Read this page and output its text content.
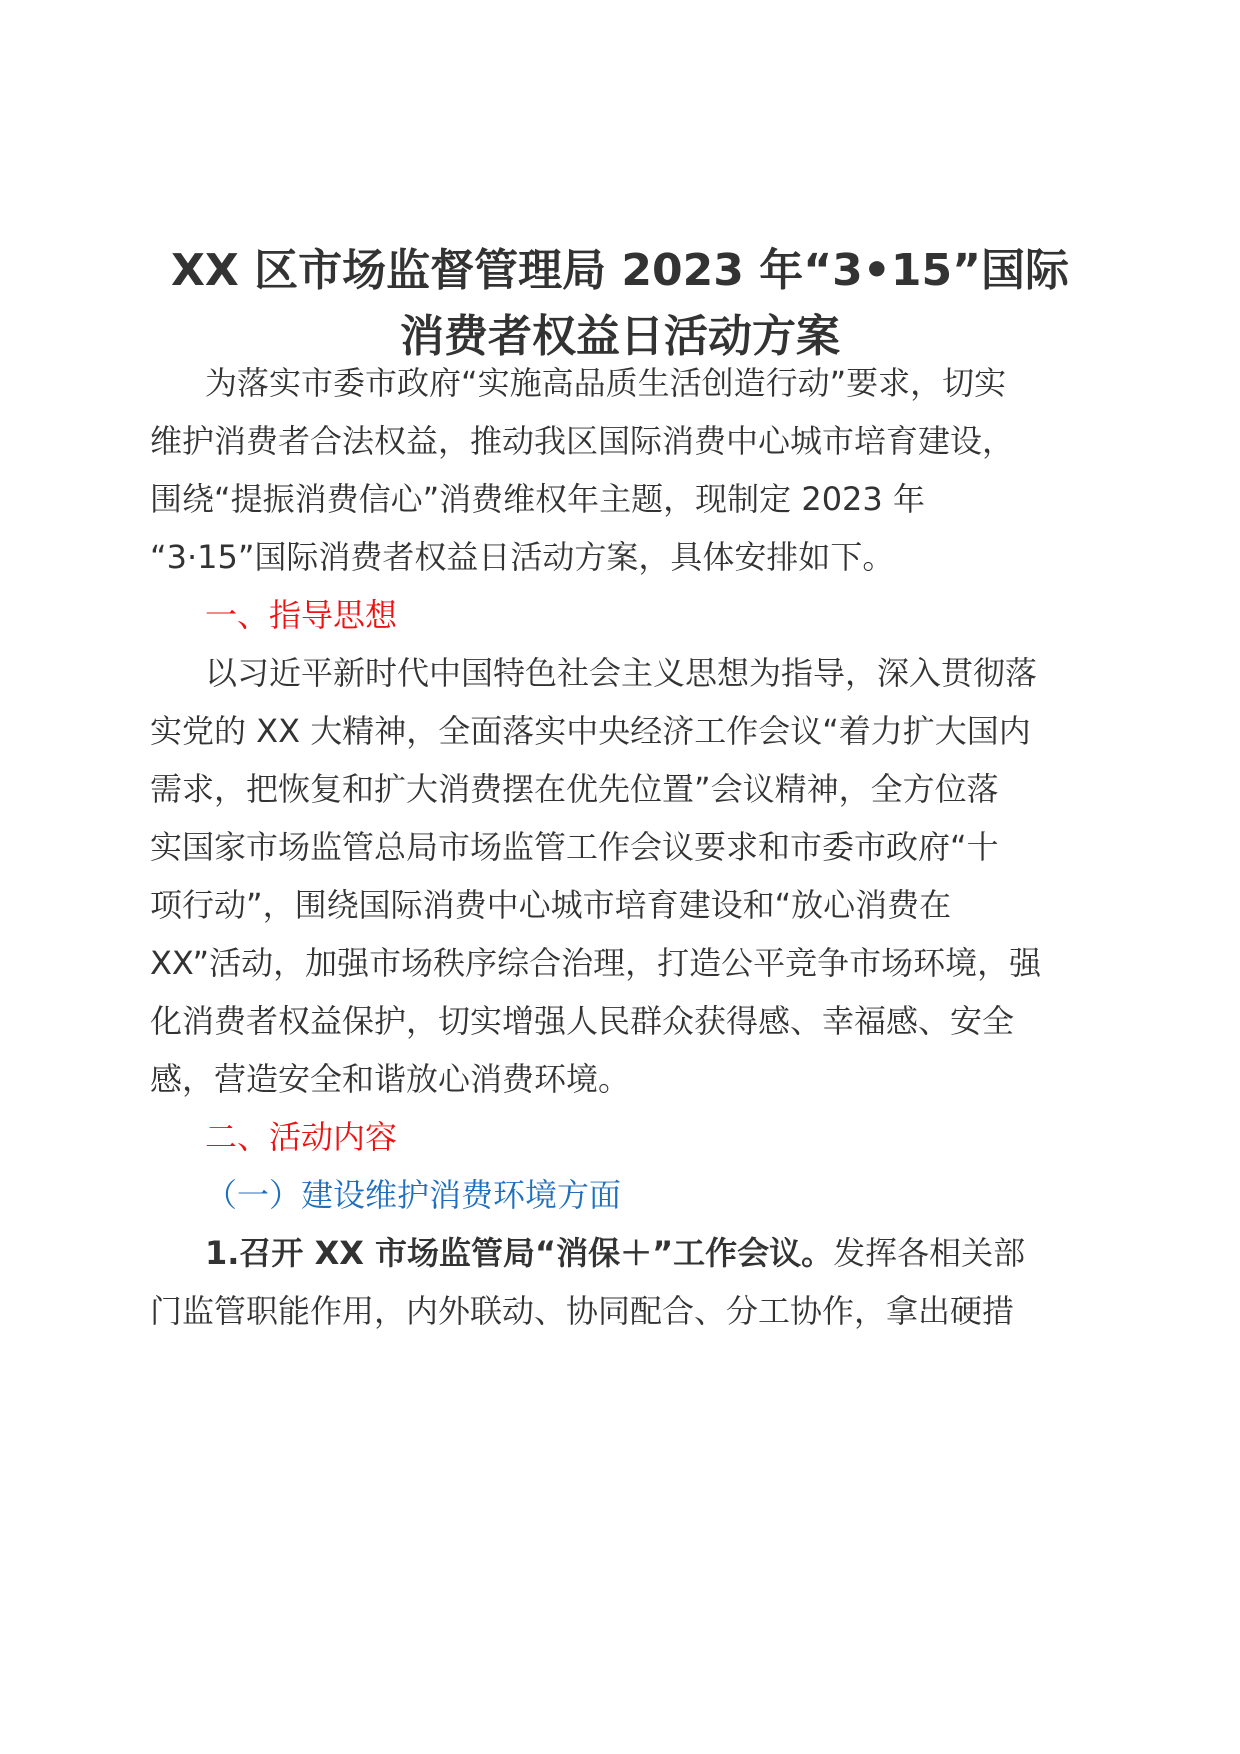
XX 区市场监督管理局 2023 年“3•15”国际
消费者权益日活动方案
为落实市委市政府“实施高品质生活创造行动”要求，切实
维护消费者合法权益，推动我区国际消费中心城市培育建设，
围绕“提振消费信心”消费维权年主题，现制定 2023 年
“3·15”国际消费者权益日活动方案，具体安排如下。
一、指导思想
以习近平新时代中国特色社会主义思想为指导，深入贯彻落
实党的 XX 大精神，全面落实中央经济工作会议“着力扩大国内
需求，把恢复和扩大消费摆在优先位置”会议精神，全方位落
实国家市场监管总局市场监管工作会议要求和市委市政府“十
项行动”，围绕国际消费中心城市培育建设和“放心消费在
XX”活动，加强市场秩序综合治理，打造公平竞争市场环境，强
化消费者权益保护，切实增强人民群众获得感、幸福感、安全
感，营造安全和谐放心消费环境。
二、活动内容
（一）建设维护消费环境方面
1.召开 XX 市场监管局“消保＋”工作会议。发挥各相关部
门监管职能作用，内外联动、协同配合、分工协作，拿出硬措
